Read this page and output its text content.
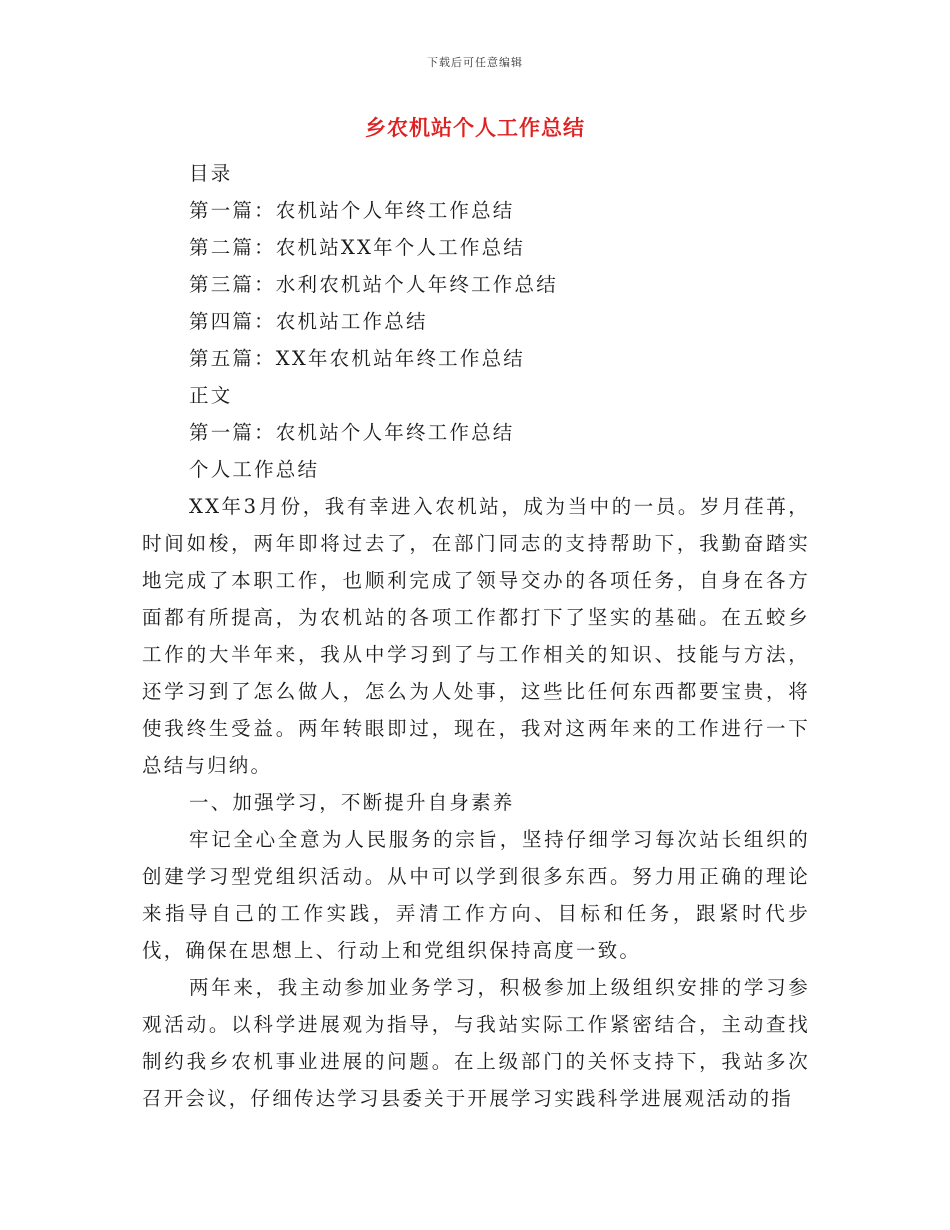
下载后可任意编辑
乡农机站个人工作总结
目录
第一篇：农机站个人年终工作总结
第二篇：农机站XX年个人工作总结
第三篇：水利农机站个人年终工作总结
第四篇：农机站工作总结
第五篇：XX年农机站年终工作总结
正文
第一篇：农机站个人年终工作总结
个人工作总结

XX年3月份，我有幸进入农机站，成为当中的一员。岁月荏苒，时间如梭，两年即将过去了，在部门同志的支持帮助下，我勤奋踏实地完成了本职工作，也顺利完成了领导交办的各项任务，自身在各方面都有所提高，为农机站的各项工作都打下了坚实的基础。在五蛟乡工作的大半年来，我从中学习到了与工作相关的知识、技能与方法，还学习到了怎么做人，怎么为人处事，这些比任何东西都要宝贵，将使我终生受益。两年转眼即过，现在，我对这两年来的工作进行一下总结与归纳。

一、加强学习，不断提升自身素养

牢记全心全意为人民服务的宗旨，坚持仔细学习每次站长组织的创建学习型党组织活动。从中可以学到很多东西。努力用正确的理论来指导自己的工作实践，弄清工作方向、目标和任务，跟紧时代步伐，确保在思想上、行动上和党组织保持高度一致。

两年来，我主动参加业务学习，积极参加上级组织安排的学习参观活动。以科学进展观为指导，与我站实际工作紧密结合，主动查找制约我乡农机事业进展的问题。在上级部门的关怀支持下，我站多次召开会议，仔细传达学习县委关于开展学习实践科学进展观活动的指
